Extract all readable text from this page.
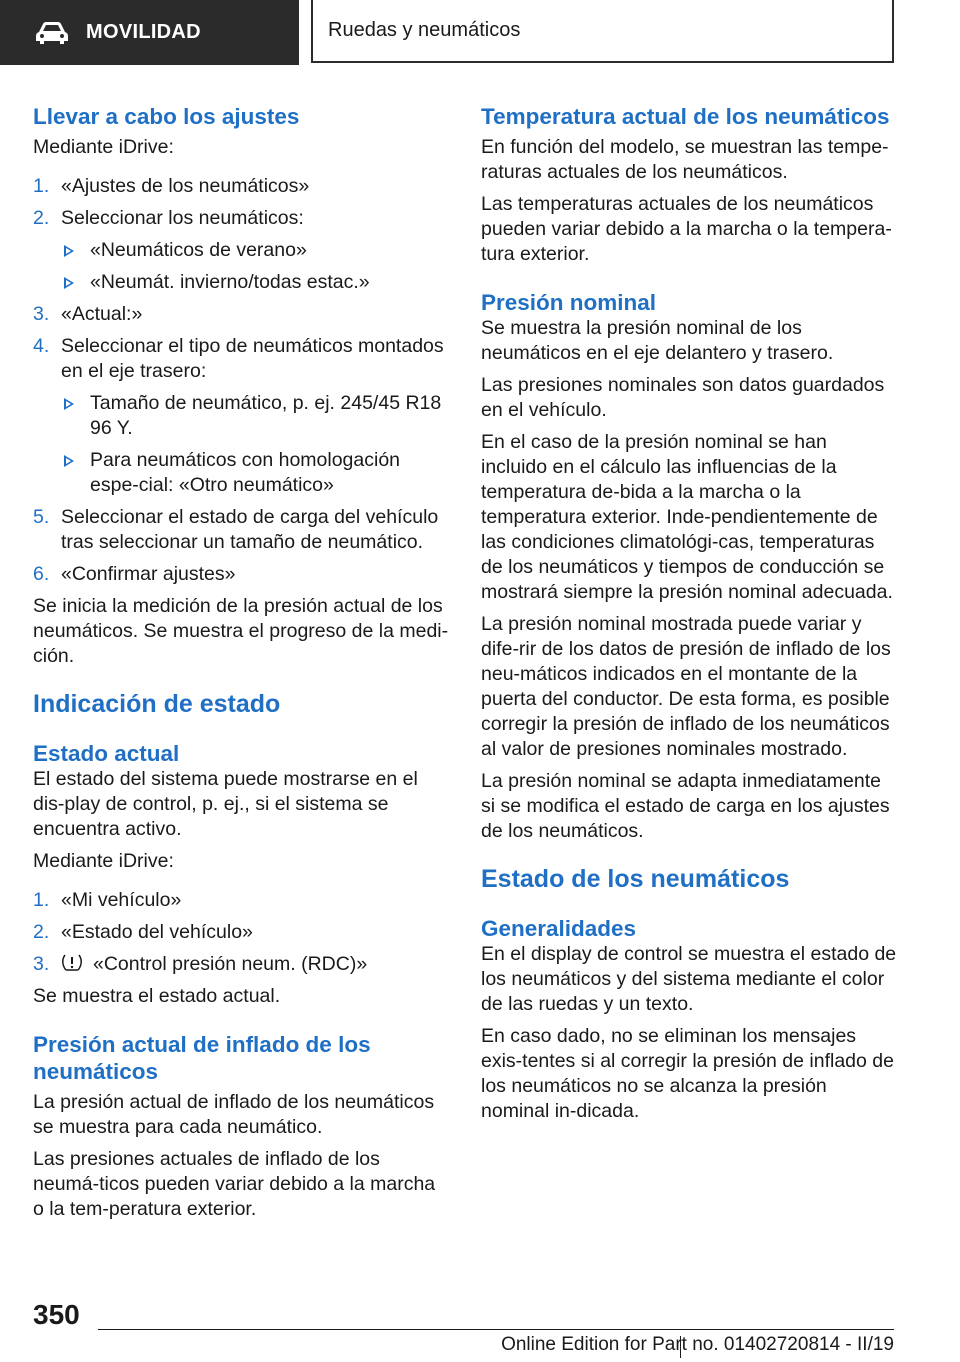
MOVILIDAD	Ruedas y neumáticos
Llevar a cabo los ajustes

Mediante iDrive:

1. «Ajustes de los neumáticos»
2. Seleccionar los neumáticos:
«Neumáticos de verano»
«Neumát. invierno/todas estac.»
3. «Actual:»
4. Seleccionar el tipo de neumáticos montados en el eje trasero:
Tamaño de neumático, p. ej. 245/45 R18 96 Y.
Para neumáticos con homologación espe‐cial: «Otro neumático»
5. Seleccionar el estado de carga del vehículo tras seleccionar un tamaño de neumático.
6. «Confirmar ajustes»

Se inicia la medición de la presión actual de los neumáticos. Se muestra el progreso de la medi‐ción.

Indicación de estado
Estado actual

El estado del sistema puede mostrarse en el dis‐play de control, p. ej., si el sistema se encuentra activo.

Mediante iDrive:

1. «Mi vehículo»
2. «Estado del vehículo»
3. «Control presión neum. (RDC)»

Se muestra el estado actual.

Presión actual de inflado de los neumáticos

La presión actual de inflado de los neumáticos se muestra para cada neumático.

Las presiones actuales de inflado de los neumá‐ticos pueden variar debido a la marcha o la tem‐peratura exterior.

Temperatura actual de los neumáticos

En función del modelo, se muestran las tempe‐raturas actuales de los neumáticos.

Las temperaturas actuales de los neumáticos pueden variar debido a la marcha o la tempera‐tura exterior.

Presión nominal

Se muestra la presión nominal de los neumáticos en el eje delantero y trasero.

Las presiones nominales son datos guardados en el vehículo.

En el caso de la presión nominal se han incluido en el cálculo las influencias de la temperatura de‐bida a la marcha o la temperatura exterior. Inde‐pendientemente de las condiciones climatológi‐cas, temperaturas de los neumáticos y tiempos de conducción se mostrará siempre la presión nominal adecuada.

La presión nominal mostrada puede variar y dife‐rir de los datos de presión de inflado de los neu‐máticos indicados en el montante de la puerta del conductor. De esta forma, es posible corregir la presión de inflado de los neumáticos al valor de presiones nominales mostrado.

La presión nominal se adapta inmediatamente si se modifica el estado de carga en los ajustes de los neumáticos.

Estado de los neumáticos
Generalidades

En el display de control se muestra el estado de los neumáticos y del sistema mediante el color de las ruedas y un texto.

En caso dado, no se eliminan los mensajes exis‐tentes si al corregir la presión de inflado de los neumáticos no se alcanza la presión nominal in‐dicada.

350
Online Edition for Part no. 01402720814 - II/19
